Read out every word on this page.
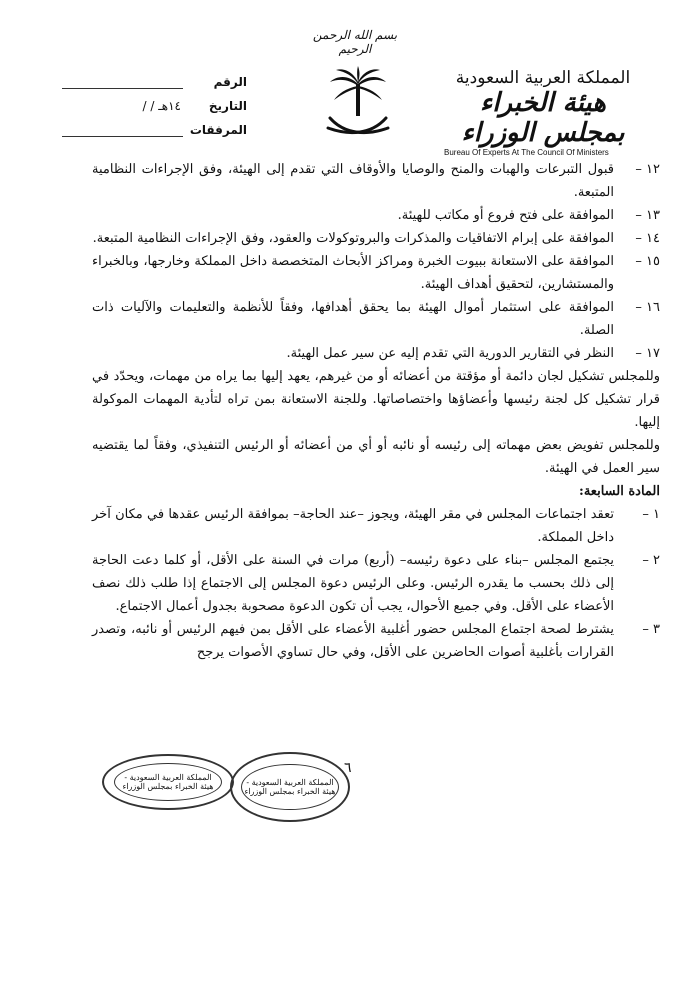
بسم الله الرحمن الرحيم
المملكة العربية السعودية
هيئة الخبراء بمجلس الوزراء
Bureau Of Experts At The Council Of Ministers
الرقم
التاريخ
/ / ١٤هـ
المرفقات
١٢ –
قبول التبرعات والهبات والمنح والوصايا والأوقاف التي تقدم إلى الهيئة، وفق الإجراءات النظامية المتبعة.
١٣ –
الموافقة على فتح فروع أو مكاتب للهيئة.
١٤ –
الموافقة على إبرام الاتفاقيات والمذكرات والبروتوكولات والعقود، وفق الإجراءات النظامية المتبعة.
١٥ –
الموافقة على الاستعانة ببيوت الخبرة ومراكز الأبحاث المتخصصة داخل المملكة وخارجها، وبالخبراء والمستشارين، لتحقيق أهداف الهيئة.
١٦ –
الموافقة على استثمار أموال الهيئة بما يحقق أهدافها، وفقاً للأنظمة والتعليمات والآليات ذات الصلة.
١٧ –
النظر في التقارير الدورية التي تقدم إليه عن سير عمل الهيئة.
وللمجلس تشكيل لجان دائمة أو مؤقتة من أعضائه أو من غيرهم، يعهد إليها بما يراه من مهمات، ويحدّد في قرار تشكيل كل لجنة رئيسها وأعضاؤها واختصاصاتها. وللجنة الاستعانة بمن تراه لتأدية المهمات الموكولة إليها.
وللمجلس تفويض بعض مهماته إلى رئيسه أو نائبه أو أي من أعضائه أو الرئيس التنفيذي، وفقاً لما يقتضيه سير العمل في الهيئة.
المادة السابعة:
١ –
تعقد اجتماعات المجلس في مقر الهيئة، ويجوز –عند الحاجة– بموافقة الرئيس عقدها في مكان آخر داخل المملكة.
٢ –
يجتمع المجلس –بناء على دعوة رئيسه– (أربع) مرات في السنة على الأقل، أو كلما دعت الحاجة إلى ذلك بحسب ما يقدره الرئيس. وعلى الرئيس دعوة المجلس إلى الاجتماع إذا طلب ذلك نصف الأعضاء على الأقل. وفي جميع الأحوال، يجب أن تكون الدعوة مصحوبة بجدول أعمال الاجتماع.
٣ –
يشترط لصحة اجتماع المجلس حضور أغلبية الأعضاء على الأقل بمن فيهم الرئيس أو نائبه، وتصدر القرارات بأغلبية أصوات الحاضرين على الأقل، وفي حال تساوي الأصوات يرجح
٦
المملكة العربية السعودية - هيئة الخبراء بمجلس الوزراء	المملكة العربية السعودية - هيئة الخبراء بمجلس الوزراء
